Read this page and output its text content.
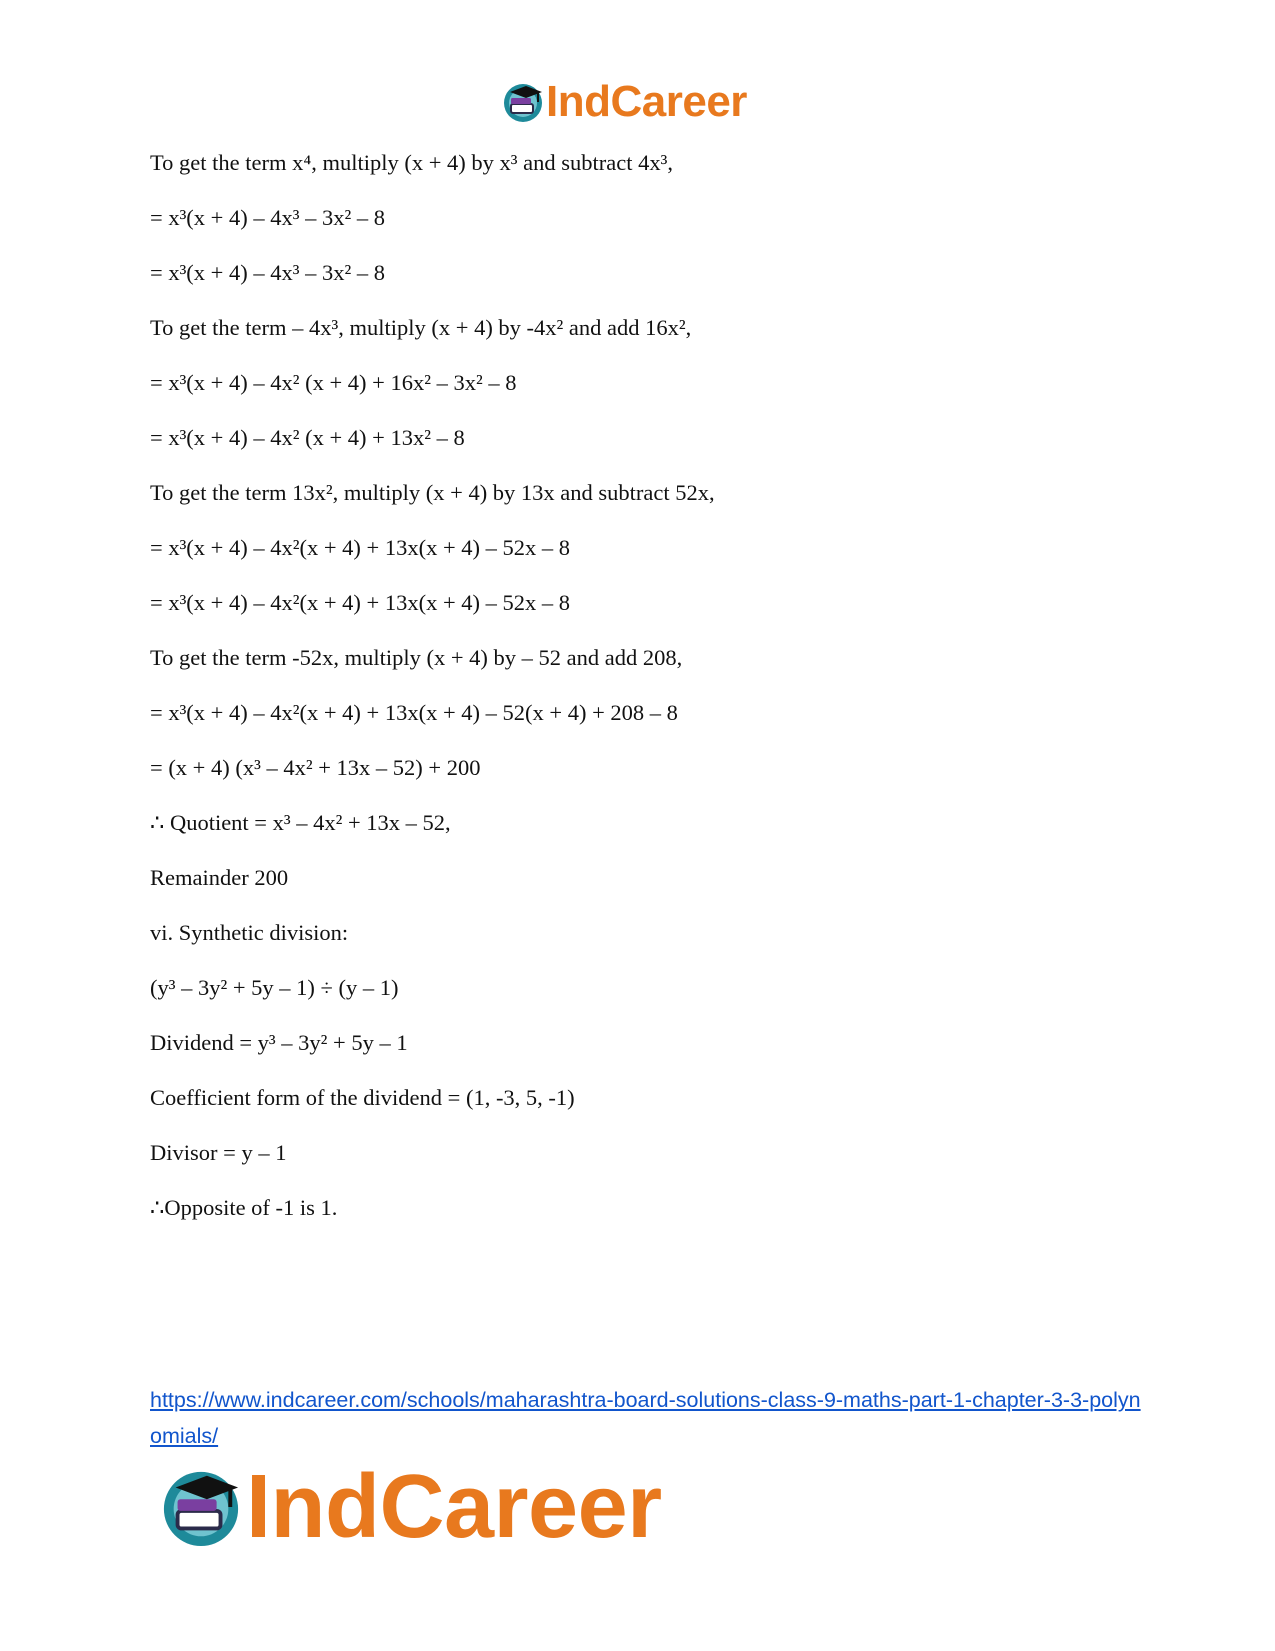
IndCareer
To get the term x⁴, multiply (x + 4) by x³ and subtract 4x³,
= x³(x + 4) – 4x³ – 3x² – 8
= x³(x + 4) – 4x³ – 3x² – 8
To get the term – 4x³, multiply (x + 4) by -4x² and add 16x²,
= x³(x + 4) – 4x² (x + 4) + 16x² – 3x² – 8
= x³(x + 4) – 4x² (x + 4) + 13x² – 8
To get the term 13x², multiply (x + 4) by 13x and subtract 52x,
= x³(x + 4) – 4x²(x + 4) + 13x(x + 4) – 52x – 8
= x³(x + 4) – 4x²(x + 4) + 13x(x + 4) – 52x – 8
To get the term -52x, multiply (x + 4) by – 52 and add 208,
= x³(x + 4) – 4x²(x + 4) + 13x(x + 4) – 52(x + 4) + 208 – 8
= (x + 4) (x³ – 4x² + 13x – 52) + 200
∴ Quotient = x³ – 4x² + 13x – 52,
Remainder 200
vi. Synthetic division:
(y³ – 3y² + 5y – 1) ÷ (y – 1)
Dividend = y³ – 3y² + 5y – 1
Coefficient form of the dividend = (1, -3, 5, -1)
Divisor = y – 1
∴Opposite of -1 is 1.
https://www.indcareer.com/schools/maharashtra-board-solutions-class-9-maths-part-1-chapter-3-3-polynomials/
IndCareer
